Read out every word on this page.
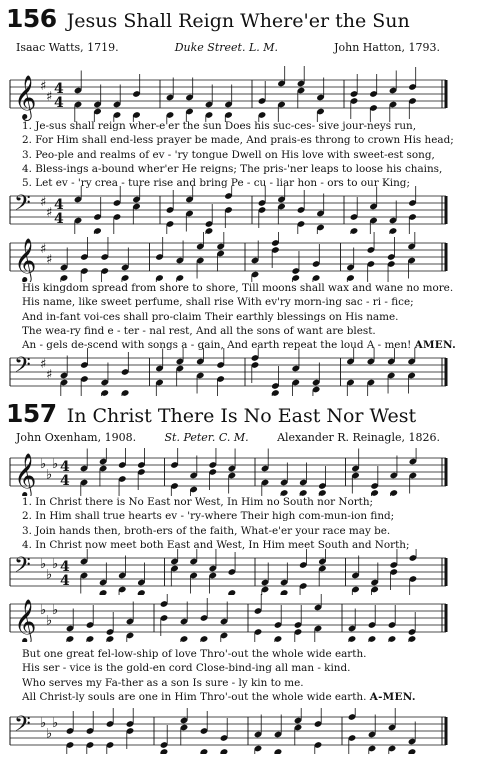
156 Jesus Shall Reign Where'er the Sun
Isaac Watts, 1719.	Duke Street. L. M.	John Hatton, 1793.
𝄞 ♯
♯ 4
4
1. Je-sus shall reign wher-e'er the sun Does his suc-ces- sive jour-neys run,
2. For Him shall end-less prayer be made, And prais-es throng to crown His head;
3. Peo-ple and realms of ev - 'ry tongue Dwell on His love with sweet-est song,
4. Bless-ings a-bound wher'er He reigns; The pris-'ner leaps to loose his chains,
5. Let ev - 'ry crea - ture rise and bring Pe - cu - liar hon - ors to our King;
𝄢 ♯
♯ 4
4
𝄞 ♯
♯
His kingdom spread from shore to shore, Till moons shall wax and wane no more.
His name, like sweet perfume, shall rise With ev'ry morn-ing sac - ri - fice;
And in-fant voi-ces shall pro-claim Their earthly blessings on His name.
The wea-ry find e - ter - nal rest, And all the sons of want are blest.
An - gels de-scend with songs a - gain, And earth repeat the loud A - men! AMEN.
𝄢 ♯
♯
157 In Christ There Is No East Nor West
John Oxenham, 1908.	St. Peter. C. M.	Alexander R. Reinagle, 1826.
𝄞 ♭
♭
♭ 4
4
1. In Christ there is No East nor West, In Him no South nor North;
2. In Him shall true hearts ev - 'ry-where Their high com-mun-ion find;
3. Join hands then, broth-ers of the faith, What-e'er your race may be.
4. In Christ now meet both East and West, In Him meet South and North;
𝄢 ♭
♭
♭ 4
4
𝄞 ♭
♭
♭
But one great fel-low-ship of love Thro'-out the whole wide earth.
His ser - vice is the gold-en cord Close-bind-ing all man - kind.
Who serves my Fa-ther as a son Is sure - ly kin to me.
All Christ-ly souls are one in Him Thro'-out the whole wide earth. A-MEN.
𝄢 ♭
♭
♭
